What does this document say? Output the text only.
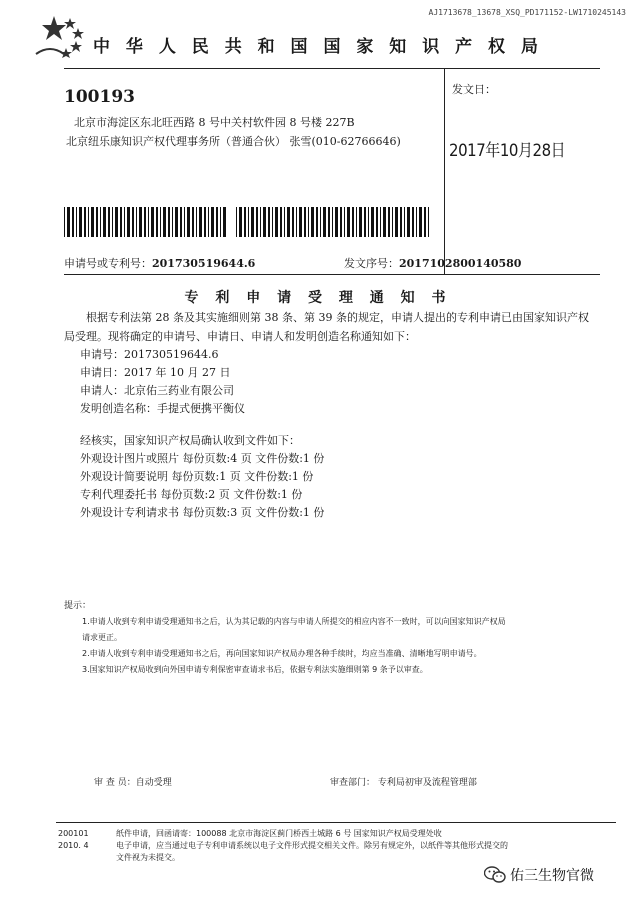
AJ1713678_13678_XSQ_PD171152-LW1710245143
中 华 人 民 共 和 国 国 家 知 识 产 权 局
100193
北京市海淀区东北旺西路 8 号中关村软件园 8 号楼 227B
北京纽乐康知识产权代理事务所（普通合伙） 张雪(010-62766646)
发文日：
2017年10月28日
申请号或专利号：201730519644.6	发文序号：2017102800140580
专 利 申 请 受 理 通 知 书
根据专利法第 28 条及其实施细则第 38 条、第 39 条的规定，申请人提出的专利申请已由国家知识产权局受理。现将确定的申请号、申请日、申请人和发明创造名称通知如下：
申请号：201730519644.6
申请日：2017 年 10 月 27 日
申请人：北京佑三药业有限公司
发明创造名称：手提式便携平衡仪
经核实，国家知识产权局确认收到文件如下：
外观设计图片或照片 每份页数:4 页 文件份数:1 份
外观设计简要说明 每份页数:1 页 文件份数:1 份
专利代理委托书 每份页数:2 页 文件份数:1 份
外观设计专利请求书 每份页数:3 页 文件份数:1 份
提示：
1.申请人收到专利申请受理通知书之后，认为其记载的内容与申请人所提交的相应内容不一致时，可以向国家知识产权局
请求更正。
2.申请人收到专利申请受理通知书之后，再向国家知识产权局办理各种手续时，均应当准确、清晰地写明申请号。
3.国家知识产权局收到向外国申请专利保密审查请求书后，依据专利法实施细则第 9 条予以审查。
审 查 员：自动受理	审查部门： 专利局初审及流程管理部
200101
2010. 4
纸件申请，回函请寄：100088 北京市海淀区蓟门桥西土城路 6 号 国家知识产权局受理处收
电子申请，应当通过电子专利申请系统以电子文件形式提交相关文件。除另有规定外，以纸件等其他形式提交的
文件视为未提交。
佑三生物官微
